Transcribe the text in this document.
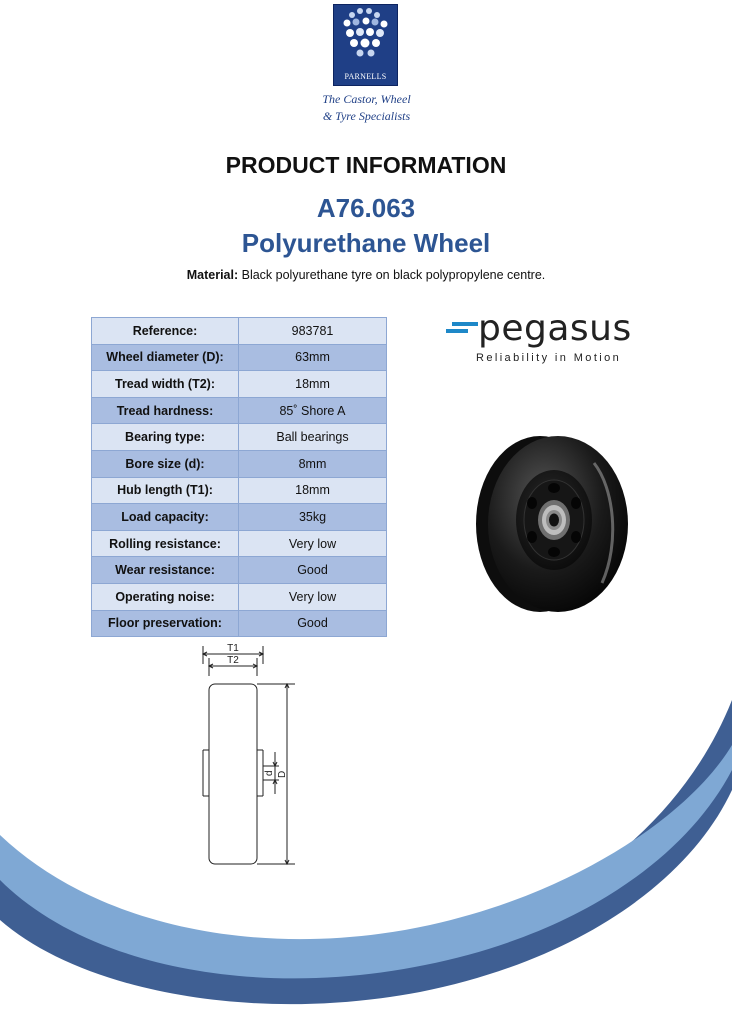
PARNELLS
The Castor, Wheel
& Tyre Specialists
PRODUCT INFORMATION
A76.063
Polyurethane Wheel
Material: Black polyurethane tyre on black polypropylene centre.
Reference:	983781
Wheel diameter (D):	63mm
Tread width (T2):	18mm
Tread hardness:	85˚ Shore A
Bearing type:	Ball bearings
Bore size (d):	8mm
Hub length (T1):	18mm
Load capacity:	35kg
Rolling resistance:	Very low
Wear resistance:	Good
Operating noise:	Very low
Floor preservation:	Good
pegasus
Reliability in Motion
T1
T2
d D
